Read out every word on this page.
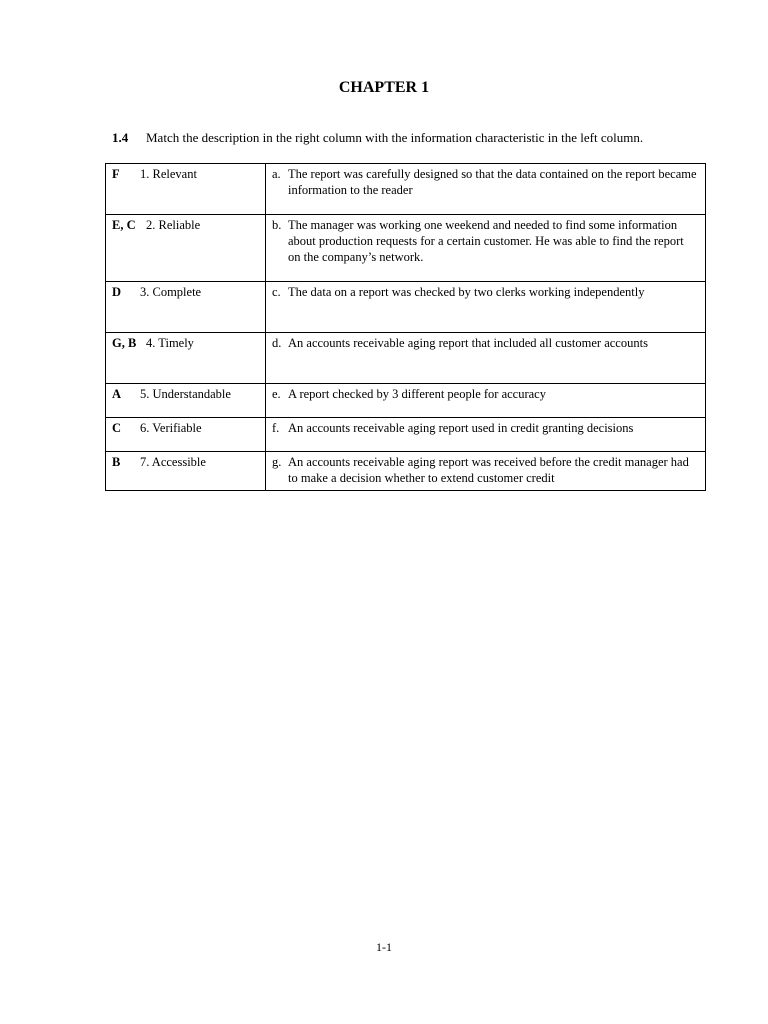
CHAPTER 1
1.4 Match the description in the right column with the information characteristic in the left column.
F 1. Relevant	a. The report was carefully designed so that the data contained on the report became information to the reader

E, C 2. Reliable	b. The manager was working one weekend and needed to find some information about production requests for a certain customer. He was able to find the report on the company’s network.

D 3. Complete	c. The data on a report was checked by two clerks working independently

G, B 4. Timely	d. An accounts receivable aging report that included all customer accounts

A 5. Understandable	e. A report checked by 3 different people for accuracy

C 6. Verifiable	f. An accounts receivable aging report used in credit granting decisions

B 7. Accessible	g. An accounts receivable aging report was received before the credit manager had to make a decision whether to extend customer credit
1-1
